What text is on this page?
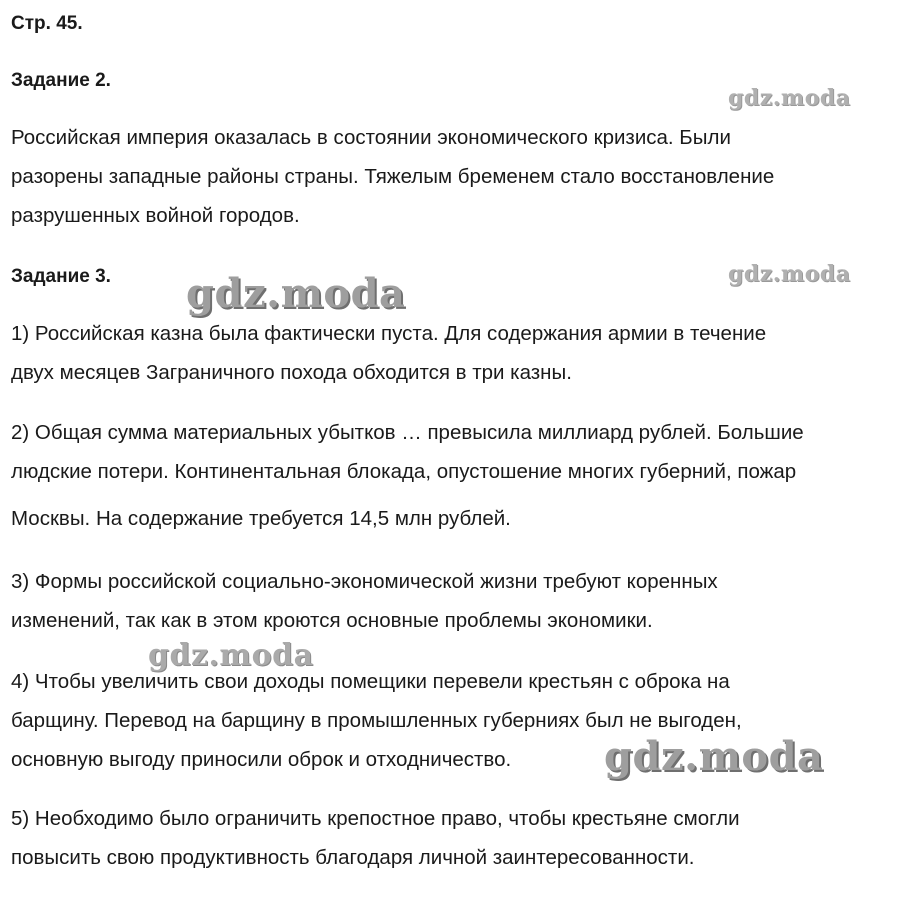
Стр. 45.
Задание 2.
Российская империя оказалась в состоянии экономического кризиса. Были
разорены западные районы страны. Тяжелым бременем стало восстановление
разрушенных войной городов.
Задание 3.
1) Российская казна была фактически пуста. Для содержания армии в течение
двух месяцев Заграничного похода обходится в три казны.
2) Общая сумма материальных убытков … превысила миллиард рублей. Большие
людские потери. Континентальная блокада, опустошение многих губерний, пожар
Москвы. На содержание требуется 14,5 млн рублей.
3) Формы российской социально-экономической жизни требуют коренных
изменений, так как в этом кроются основные проблемы экономики.
4) Чтобы увеличить свои доходы помещики перевели крестьян с оброка на
барщину. Перевод на барщину в промышленных губерниях был не выгоден,
основную выгоду приносили оброк и отходничество.
5) Необходимо было ограничить крепостное право, чтобы крестьяне смогли
повысить свою продуктивность благодаря личной заинтересованности.
gdz.moda
gdz.moda
gdz.moda
gdz.moda
gdz.moda
